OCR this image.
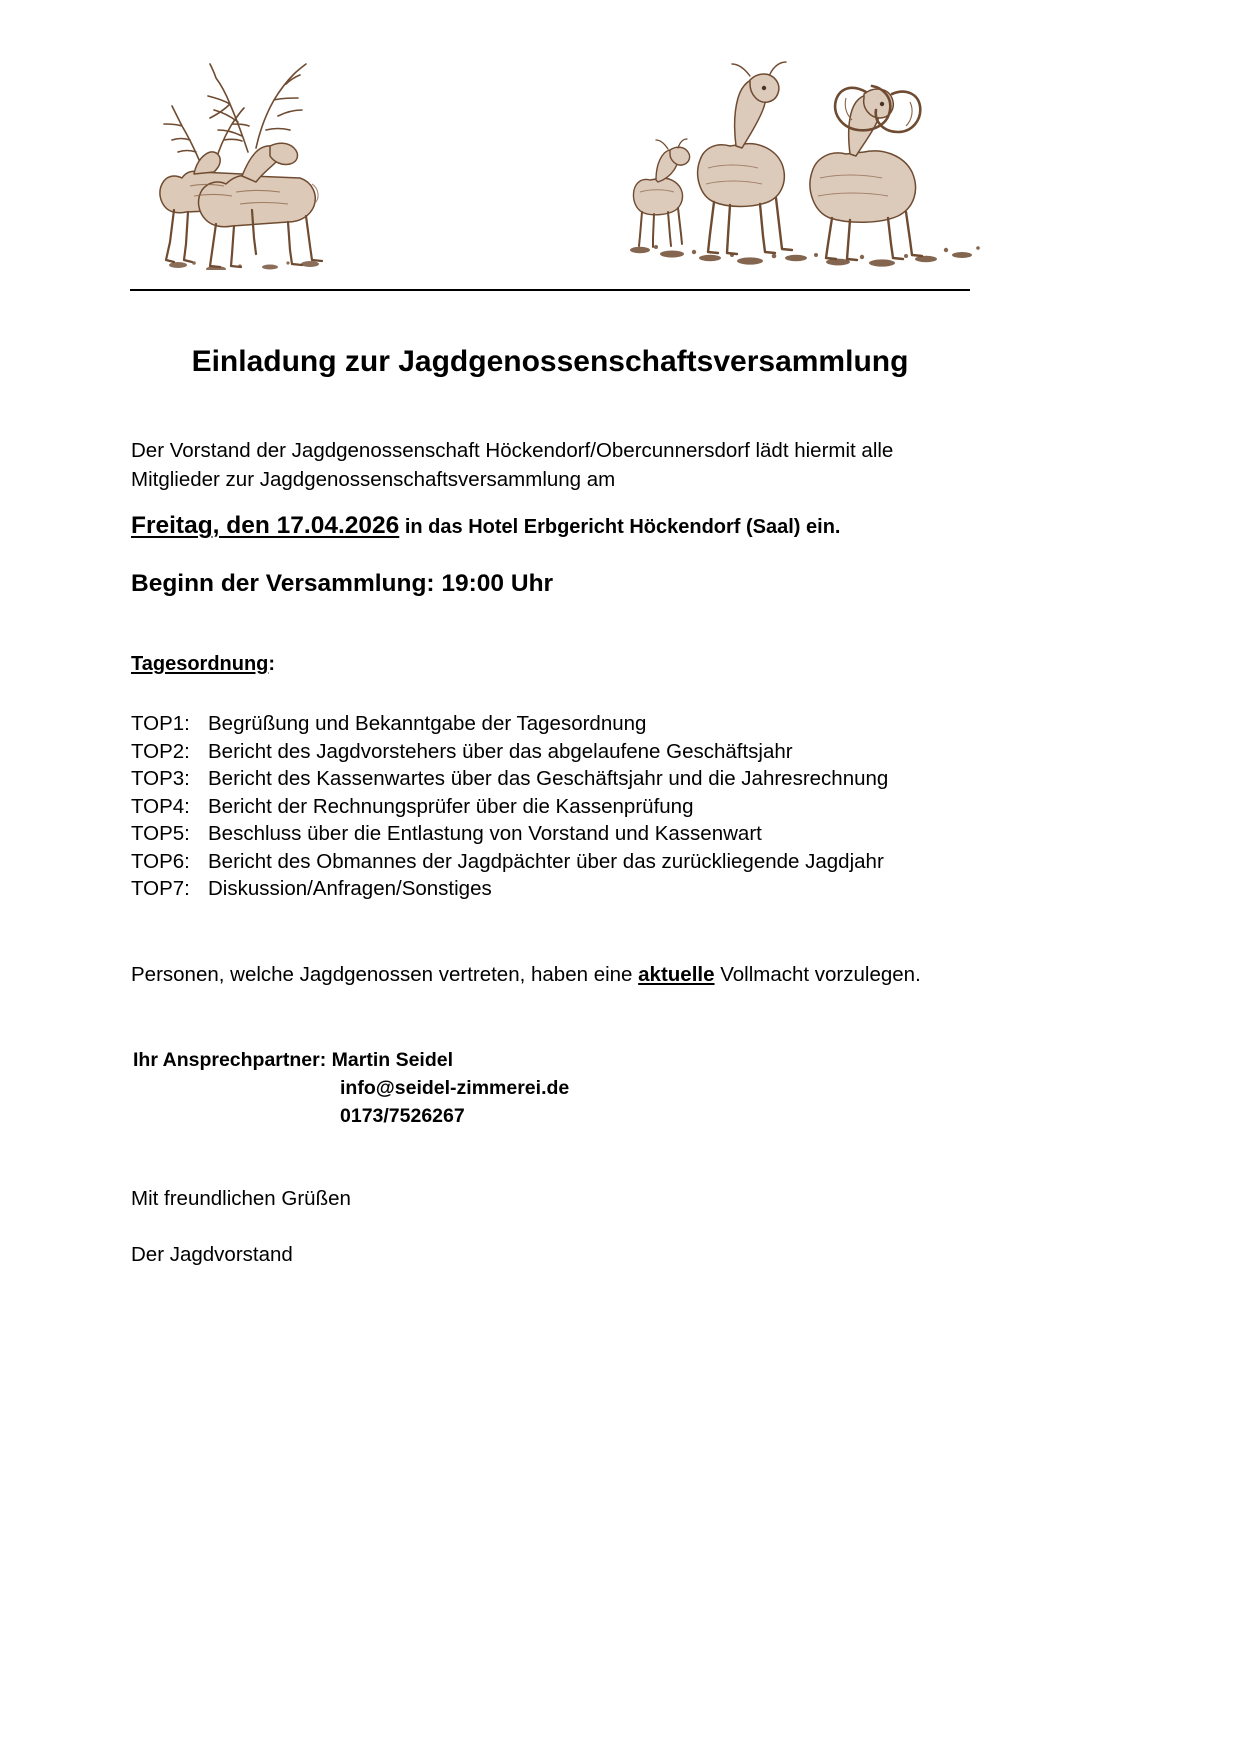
Einladung zur Jagdgenossenschaftsversammlung
Der Vorstand der Jagdgenossenschaft Höckendorf/Obercunnersdorf lädt hiermit alle Mitglieder zur Jagdgenossenschaftsversammlung am
Freitag, den 17.04.2026 in das Hotel Erbgericht Höckendorf (Saal) ein.
Beginn der Versammlung: 19:00 Uhr
Tagesordnung:
TOP1: Begrüßung und Bekanntgabe der Tagesordnung
TOP2: Bericht des Jagdvorstehers über das abgelaufene Geschäftsjahr
TOP3: Bericht des Kassenwartes über das Geschäftsjahr und die Jahresrechnung
TOP4: Bericht der Rechnungsprüfer über die Kassenprüfung
TOP5: Beschluss über die Entlastung von Vorstand und Kassenwart
TOP6: Bericht des Obmannes der Jagdpächter über das zurückliegende Jagdjahr
TOP7: Diskussion/Anfragen/Sonstiges
Personen, welche Jagdgenossen vertreten, haben eine aktuelle Vollmacht vorzulegen.
Ihr Ansprechpartner: Martin Seidel
info@seidel-zimmerei.de
0173/7526267
Mit freundlichen Grüßen
Der Jagdvorstand
